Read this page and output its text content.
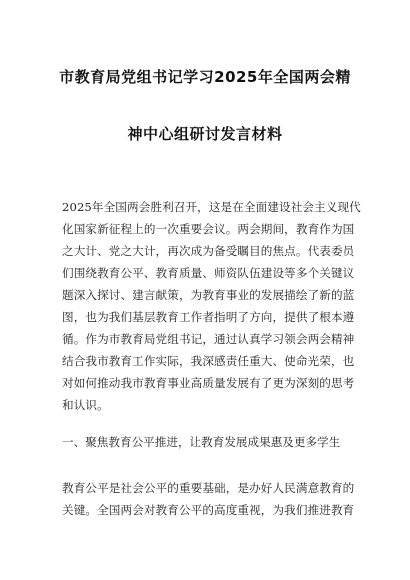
市教育局党组书记学习2025年全国两会精
神中心组研讨发言材料
2025年全国两会胜利召开，这是在全面建设社会主义现代
化国家新征程上的一次重要会议。两会期间，教育作为国
之大计、党之大计，再次成为备受瞩目的焦点。代表委员
们围绕教育公平、教育质量、师资队伍建设等多个关键议
题深入探讨、建言献策，为教育事业的发展描绘了新的蓝
图，也为我们基层教育工作者指明了方向，提供了根本遵
循。作为市教育局党组书记，通过认真学习领会两会精神
结合我市教育工作实际，我深感责任重大、使命光荣，也
对如何推动我市教育事业高质量发展有了更为深刻的思考
和认识。
一、聚焦教育公平推进，让教育发展成果惠及更多学生
教育公平是社会公平的重要基础，是办好人民满意教育的
关键。全国两会对教育公平的高度重视，为我们推进教育
